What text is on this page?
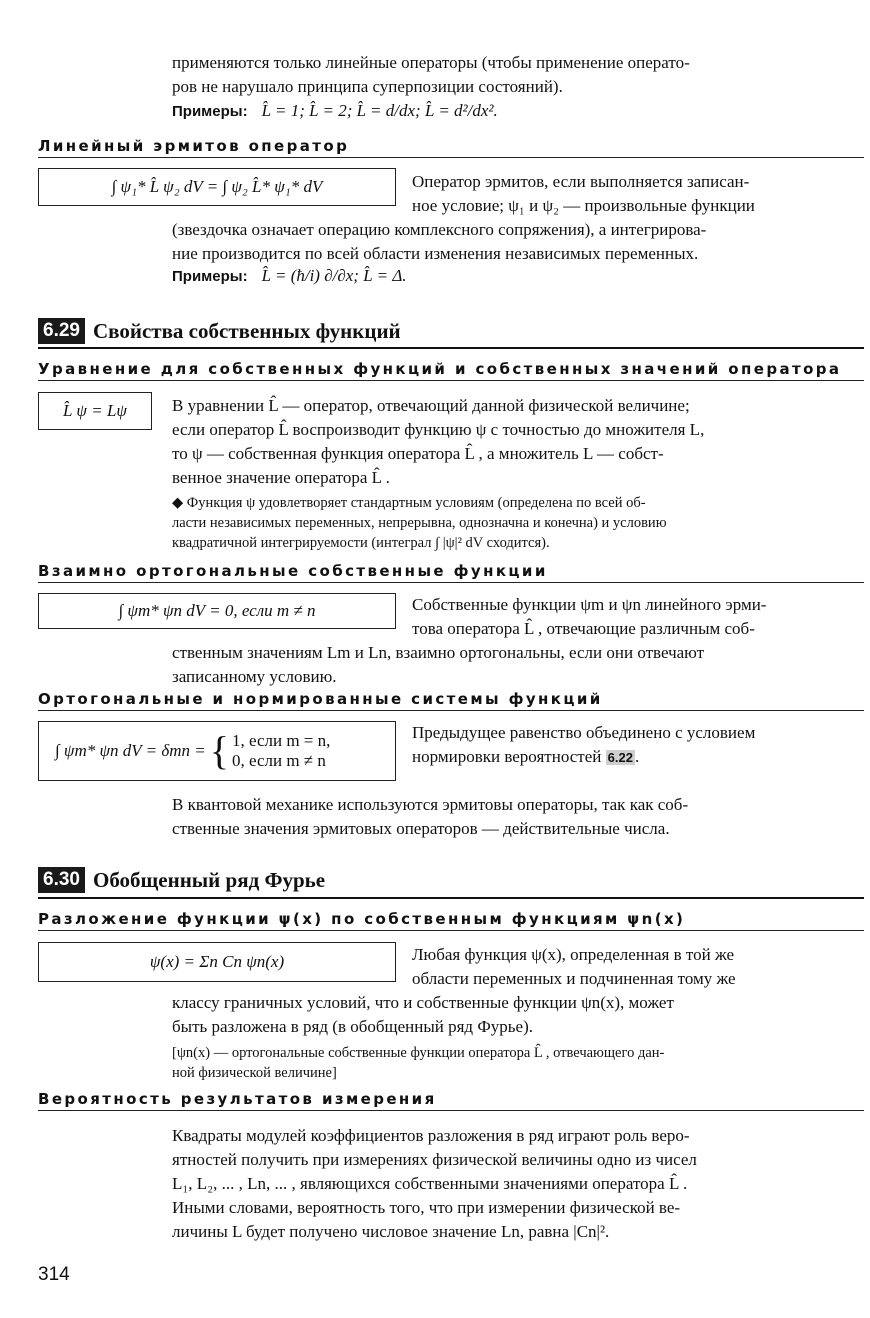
применяются только линейные операторы (чтобы применение операто-
ров не нарушало принципа суперпозиции состояний).
Примеры: L̂ = 1; L̂ = 2; L̂ = d/dx; L̂ = d²/dx².
Линейный эрмитов оператор
∫ ψ₁* L̂ ψ₂ dV = ∫ ψ₂ L̂* ψ₁* dV	Оператор эрмитов, если выполняется записан-
ное условие; ψ₁ и ψ₂ — произвольные функции
(звездочка означает операцию комплексного сопряжения), а интегрирова-
ние производится по всей области изменения независимых переменных.
Примеры: L̂ = (ħ/i) ∂/∂x; L̂ = Δ.
6.29 Свойства собственных функций
Уравнение для собственных функций и собственных значений оператора
L̂ ψ = Lψ	В уравнении L̂ — оператор, отвечающий данной физической величине;
если оператор L̂ воспроизводит функцию ψ с точностью до множителя L,
то ψ — собственная функция оператора L̂ , а множитель L — собст-
венное значение оператора L̂ .
◆ Функция ψ удовлетворяет стандартным условиям (определена по всей об-
ласти независимых переменных, непрерывна, однозначна и конечна) и условию
квадратичной интегрируемости (интеграл ∫ |ψ|² dV сходится).
Взаимно ортогональные собственные функции
∫ ψm* ψn dV = 0, если m ≠ n	Собственные функции ψm и ψn линейного эрми-
това оператора L̂ , отвечающие различным соб-
ственным значениям Lm и Ln, взаимно ортогональны, если они отвечают
записанному условию.
Ортогональные и нормированные системы функций
∫ ψm* ψn dV = δmn = { 1, если m = n,
0, если m ≠ n
Предыдущее равенство объединено с условием
нормировки вероятностей 6.22 .
В квантовой механике используются эрмитовы операторы, так как соб-
ственные значения эрмитовых операторов — действительные числа.
6.30 Обобщенный ряд Фурье
Разложение функции ψ(x) по собственным функциям ψn(x)
ψ(x) = Σn Cn ψn(x)	Любая функция ψ(x), определенная в той же
области переменных и подчиненная тому же
классу граничных условий, что и собственные функции ψn(x), может
быть разложена в ряд (в обобщенный ряд Фурье).
[ψn(x) — ортогональные собственные функции оператора L̂ , отвечающего дан-
ной физической величине]
Вероятность результатов измерения
Квадраты модулей коэффициентов разложения в ряд играют роль веро-
ятностей получить при измерениях физической величины одно из чисел
L₁, L₂, ... , Ln, ... , являющихся собственными значениями оператора L̂ .
Иными словами, вероятность того, что при измерении физической ве-
личины L будет получено числовое значение Ln, равна |Cn|².
314
